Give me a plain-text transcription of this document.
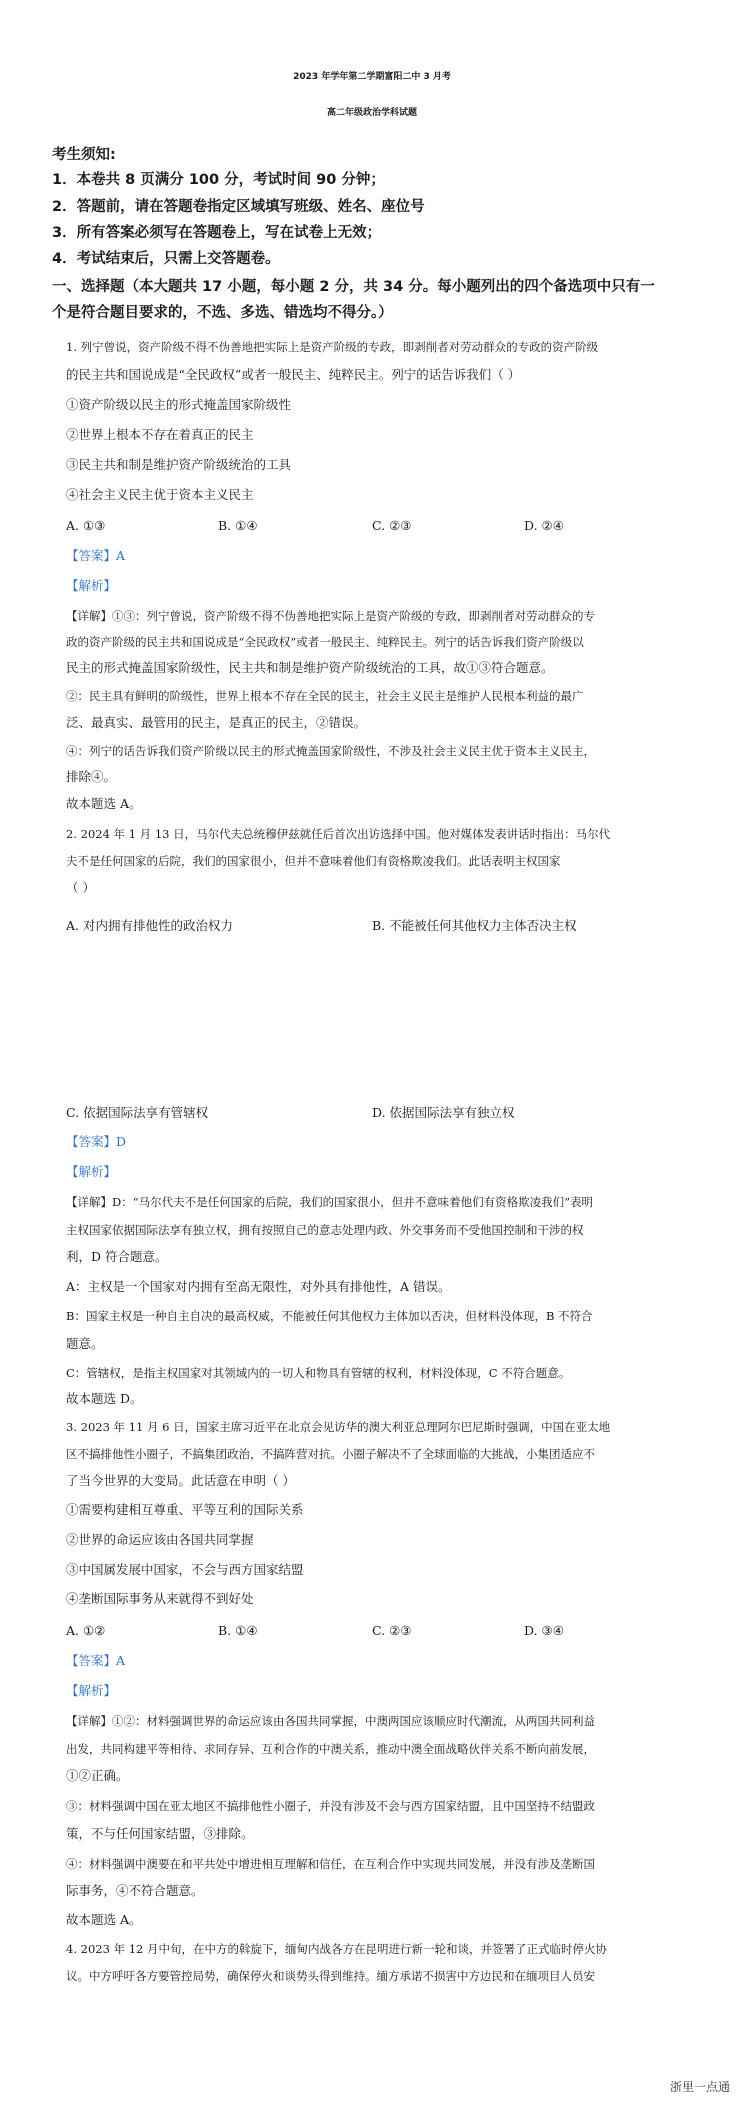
2023 年学年第二学期富阳二中 3 月考
高二年级政治学科试题
考生须知:
1．本卷共 8 页满分 100 分，考试时间 90 分钟；
2．答题前，请在答题卷指定区域填写班级、姓名、座位号
3．所有答案必须写在答题卷上，写在试卷上无效；
4．考试结束后，只需上交答题卷。
一、选择题（本大题共 17 小题，每小题 2 分，共 34 分。每小题列出的四个备选项中只有一
个是符合题目要求的，不选、多选、错选均不得分。）
1. 列宁曾说，资产阶级不得不伪善地把实际上是资产阶级的专政，即剥削者对劳动群众的专政的资产阶级
的民主共和国说成是“全民政权”或者一般民主、纯粹民主。列宁的话告诉我们（ ）
①资产阶级以民主的形式掩盖国家阶级性
②世界上根本不存在着真正的民主
③民主共和制是维护资产阶级统治的工具
④社会主义民主优于资本主义民主
A. ①③	B. ①④	C. ②③	D. ②④
【答案】A
【解析】
【详解】①③：列宁曾说，资产阶级不得不伪善地把实际上是资产阶级的专政，即剥削者对劳动群众的专
政的资产阶级的民主共和国说成是“全民政权”或者一般民主、纯粹民主。列宁的话告诉我们资产阶级以
民主的形式掩盖国家阶级性，民主共和制是维护资产阶级统治的工具，故①③符合题意。
②：民主具有鲜明的阶级性，世界上根本不存在全民的民主，社会主义民主是维护人民根本利益的最广
泛、最真实、最管用的民主，是真正的民主，②错误。
④：列宁的话告诉我们资产阶级以民主的形式掩盖国家阶级性，不涉及社会主义民主优于资本主义民主，
排除④。
故本题选 A。
2. 2024 年 1 月 13 日，马尔代夫总统穆伊兹就任后首次出访选择中国。他对媒体发表讲话时指出：马尔代
夫不是任何国家的后院，我们的国家很小，但并不意味着他们有资格欺凌我们。此话表明主权国家
（ ）
A. 对内拥有排他性的政治权力	B. 不能被任何其他权力主体否决主权
C. 依据国际法享有管辖权	D. 依据国际法享有独立权
【答案】D
【解析】
【详解】D：“马尔代夫不是任何国家的后院，我们的国家很小，但并不意味着他们有资格欺凌我们”表明
主权国家依据国际法享有独立权，拥有按照自己的意志处理内政、外交事务而不受他国控制和干涉的权
利，D 符合题意。
A：主权是一个国家对内拥有至高无限性，对外具有排他性，A 错误。
B：国家主权是一种自主自决的最高权威，不能被任何其他权力主体加以否决，但材料没体现，B 不符合
题意。
C：管辖权，是指主权国家对其领域内的一切人和物具有管辖的权利，材料没体现，C 不符合题意。
故本题选 D。
3. 2023 年 11 月 6 日，国家主席习近平在北京会见访华的澳大利亚总理阿尔巴尼斯时强调，中国在亚太地
区不搞排他性小圈子，不搞集团政治，不搞阵营对抗。小圈子解决不了全球面临的大挑战，小集团适应不
了当今世界的大变局。此话意在申明（ ）
①需要构建相互尊重、平等互利的国际关系
②世界的命运应该由各国共同掌握
③中国属发展中国家，不会与西方国家结盟
④垄断国际事务从来就得不到好处
A. ①②	B. ①④	C. ②③	D. ③④
【答案】A
【解析】
【详解】①②：材料强调世界的命运应该由各国共同掌握，中澳两国应该顺应时代潮流，从两国共同利益
出发，共同构建平等相待、求同存异、互利合作的中澳关系，推动中澳全面战略伙伴关系不断向前发展，
①②正确。
③：材料强调中国在亚太地区不搞排他性小圈子，并没有涉及不会与西方国家结盟，且中国坚持不结盟政
策，不与任何国家结盟，③排除。
④：材料强调中澳要在和平共处中增进相互理解和信任，在互利合作中实现共同发展，并没有涉及垄断国
际事务，④不符合题意。
故本题选 A。
4. 2023 年 12 月中旬，在中方的斡旋下，缅甸内战各方在昆明进行新一轮和谈，并签署了正式临时停火协
议。中方呼吁各方要管控局势，确保停火和谈势头得到维持。缅方承诺不损害中方边民和在缅项目人员安
浙里一点通
